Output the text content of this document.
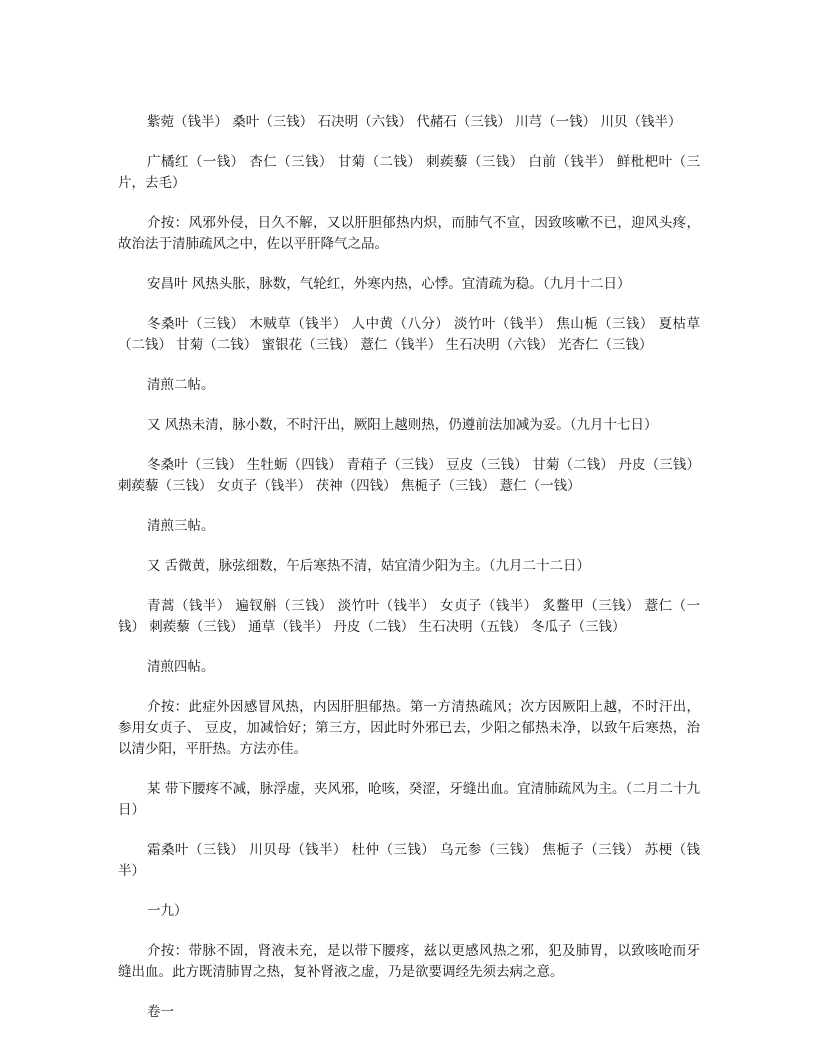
紫菀（钱半） 桑叶（三钱） 石决明（六钱） 代赭石（三钱） 川芎（一钱） 川贝（钱半）

广橘红（一钱） 杏仁（三钱） 甘菊（二钱） 刺蒺藜（三钱） 白前（钱半） 鲜枇杷叶（三片，去毛）

介按：风邪外侵，日久不解，又以肝胆郁热内炽，而肺气不宣，因致咳嗽不已，迎风头疼，故治法于清肺疏风之中，佐以平肝降气之品。

安昌叶 风热头胀，脉数，气轮红，外寒内热，心悸。宜清疏为稳。（九月十二日）

冬桑叶（三钱） 木贼草（钱半） 人中黄（八分） 淡竹叶（钱半） 焦山栀（三钱） 夏枯草（二钱） 甘菊（二钱） 蜜银花（三钱） 薏仁（钱半） 生石决明（六钱） 光杏仁（三钱）

清煎二帖。

又 风热未清，脉小数，不时汗出，厥阳上越则热，仍遵前法加减为妥。（九月十七日）

冬桑叶（三钱） 生牡蛎（四钱） 青葙子（三钱） 豆皮（三钱） 甘菊（二钱） 丹皮（三钱） 刺蒺藜（三钱） 女贞子（钱半） 茯神（四钱） 焦栀子（三钱） 薏仁（一钱）

清煎三帖。

又 舌微黄，脉弦细数，午后寒热不清，姑宜清少阳为主。（九月二十二日）

青蒿（钱半） 遍钗斛（三钱） 淡竹叶（钱半） 女贞子（钱半） 炙鳖甲（三钱） 薏仁（一钱） 刺蒺藜（三钱） 通草（钱半） 丹皮（二钱） 生石决明（五钱） 冬瓜子（三钱）

清煎四帖。

介按：此症外因感冒风热，内因肝胆郁热。第一方清热疏风；次方因厥阳上越，不时汗出，参用女贞子、 豆皮，加减恰好；第三方，因此时外邪已去，少阳之郁热未净，以致午后寒热，治以清少阳，平肝热。方法亦佳。

某 带下腰疼不减，脉浮虚，夹风邪，呛咳，癸涩，牙缝出血。宜清肺疏风为主。（二月二十九日）

霜桑叶（三钱） 川贝母（钱半） 杜仲（三钱） 乌元参（三钱） 焦栀子（三钱） 苏梗（钱半）

一九）

介按：带脉不固，肾液未充，是以带下腰疼，兹以更感风热之邪，犯及肺胃，以致咳呛而牙缝出血。此方既清肺胃之热，复补肾液之虚，乃是欲要调经先须去病之意。

卷一
